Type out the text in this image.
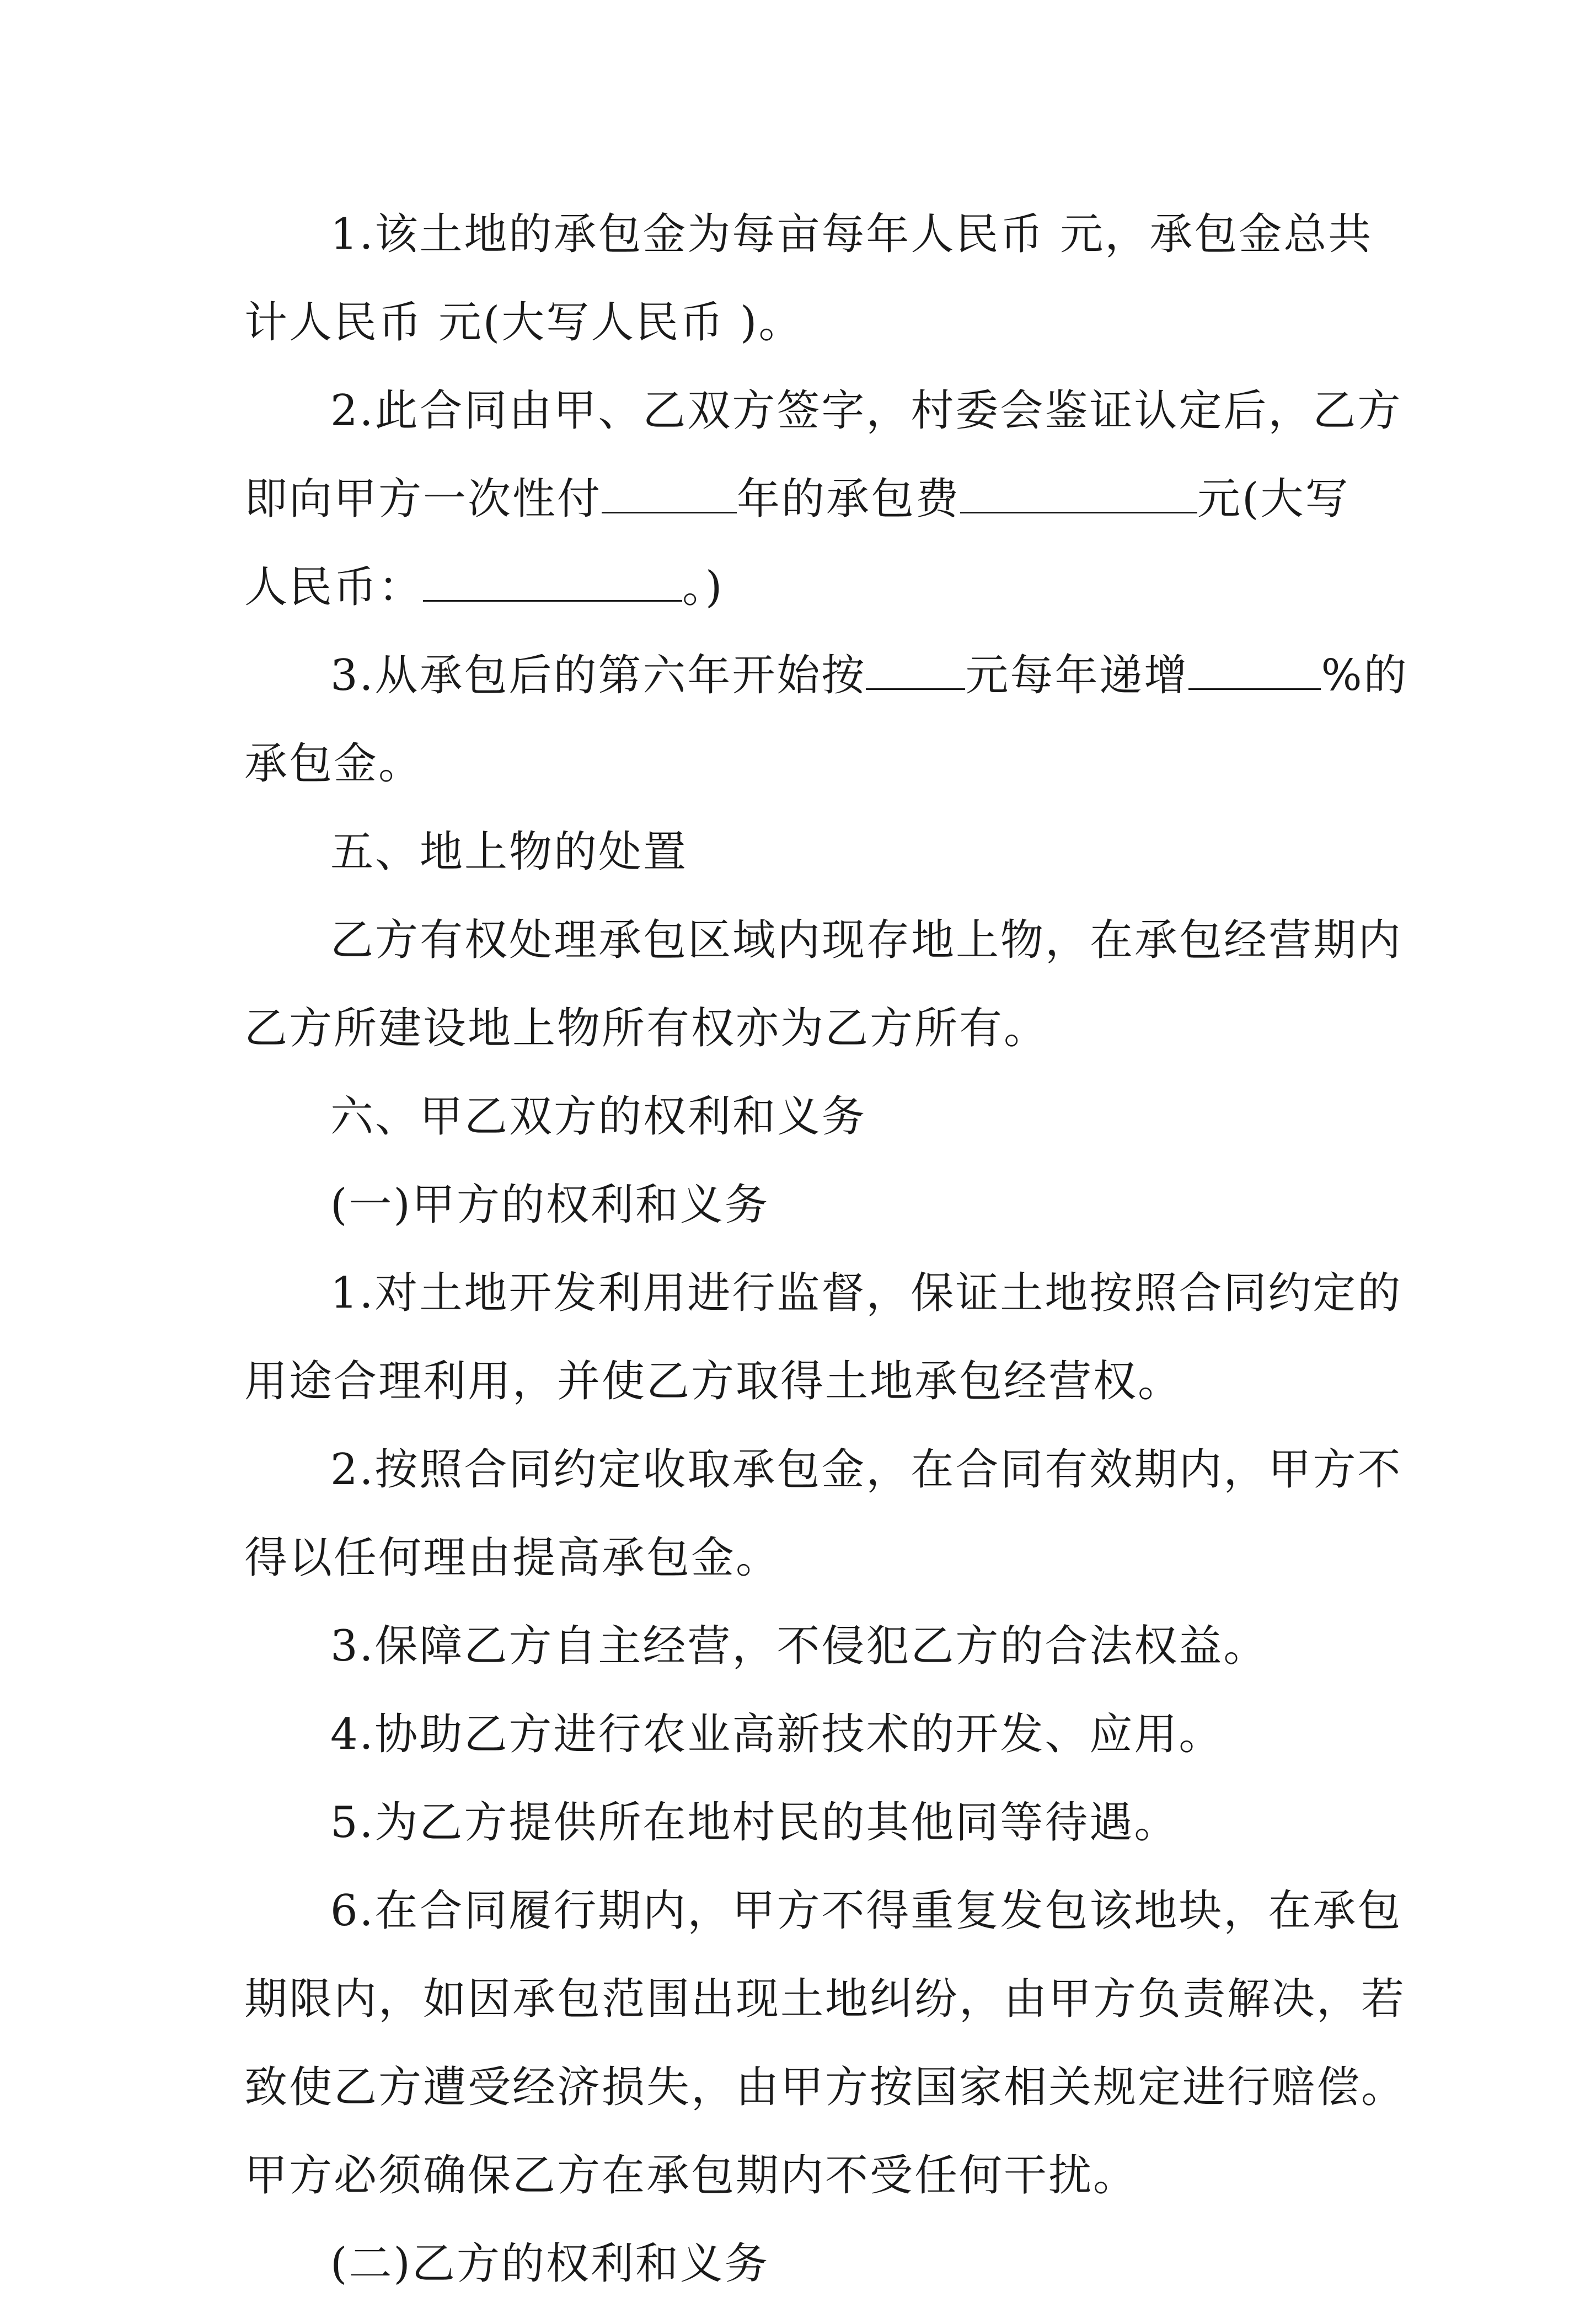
1.该土地的承包金为每亩每年人民币 元，承包金总共
计人民币 元(大写人民币 )。
2.此合同由甲、乙双方签字，村委会鉴证认定后，乙方
即向甲方一次性付	年的承包费	元(大写
人民币：	。)
3.从承包后的第六年开始按 元每年递增	%的
承包金。
五、地上物的处置
乙方有权处理承包区域内现存地上物，在承包经营期内
乙方所建设地上物所有权亦为乙方所有。
六、甲乙双方的权利和义务
(一)甲方的权利和义务
1.对土地开发利用进行监督，保证土地按照合同约定的
用途合理利用，并使乙方取得土地承包经营权。
2.按照合同约定收取承包金，在合同有效期内，甲方不
得以任何理由提高承包金。
3.保障乙方自主经营，不侵犯乙方的合法权益。
4.协助乙方进行农业高新技术的开发、应用。
5.为乙方提供所在地村民的其他同等待遇。
6.在合同履行期内，甲方不得重复发包该地块，在承包
期限内，如因承包范围出现土地纠纷，由甲方负责解决，若
致使乙方遭受经济损失，由甲方按国家相关规定进行赔偿。
甲方必须确保乙方在承包期内不受任何干扰。
(二)乙方的权利和义务
